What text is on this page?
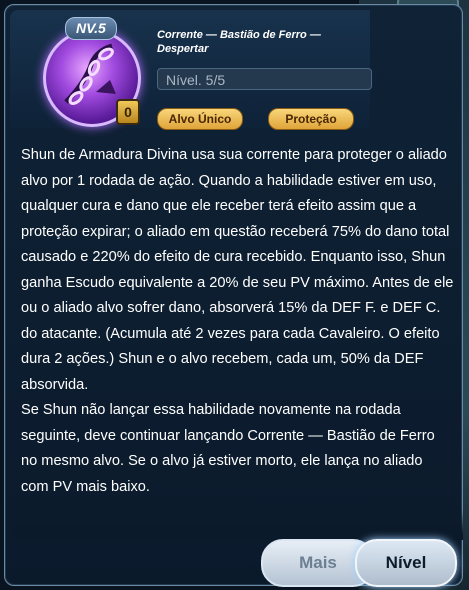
NV.5
0
Corrente — Bastião de Ferro — Despertar
Nível. 5/5
Alvo Único	Proteção

Shun de Armadura Divina usa sua corrente para proteger o aliado alvo por 1 rodada de ação. Quando a habilidade estiver em uso, qualquer cura e dano que ele receber terá efeito assim que a proteção expirar; o aliado em questão receberá 75% do dano total causado e 220% do efeito de cura recebido. Enquanto isso, Shun ganha Escudo equivalente a 20% de seu PV máximo. Antes de ele ou o aliado alvo sofrer dano, absorverá 15% da DEF F. e DEF C. do atacante. (Acumula até 2 vezes para cada Cavaleiro. O efeito dura 2 ações.) Shun e o alvo recebem, cada um, 50% da DEF absorvida.

Se Shun não lançar essa habilidade novamente na rodada seguinte, deve continuar lançando Corrente — Bastião de Ferro no mesmo alvo. Se o alvo já estiver morto, ele lança no aliado com PV mais baixo.

Mais	Nível
